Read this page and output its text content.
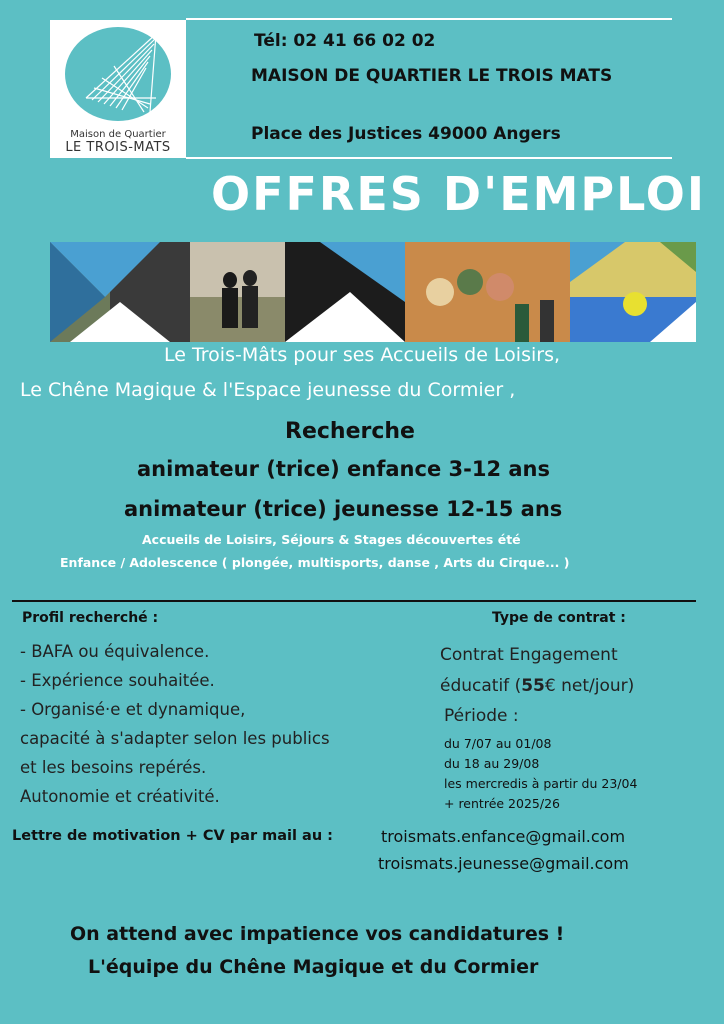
Maison de Quartier
LE TROIS-MATS
Tél: 02 41 66 02 02
MAISON DE QUARTIER LE TROIS MATS
Place des Justices 49000 Angers
OFFRES D'EMPLOI
Le Trois-Mâts pour ses Accueils de Loisirs,
Le Chêne Magique & l'Espace jeunesse du Cormier ,
Recherche
animateur (trice) enfance 3-12 ans
animateur (trice) jeunesse 12-15 ans
Accueils de Loisirs, Séjours & Stages découvertes été
Enfance / Adolescence ( plongée, multisports, danse , Arts du Cirque... )
Profil recherché :
- BAFA ou équivalence.
- Expérience souhaitée.
- Organisé·e et dynamique,
capacité à s'adapter selon les publics
et les besoins repérés.
Autonomie et créativité.
Type de contrat :
Contrat Engagement
éducatif (55€ net/jour)
Période :
du 7/07 au 01/08
du 18 au 29/08
les mercredis à partir du 23/04
+ rentrée 2025/26
Lettre de motivation + CV par mail au :	troismats.enfance@gmail.com
troismats.jeunesse@gmail.com
On attend avec impatience vos candidatures !
L'équipe du Chêne Magique et du Cormier
